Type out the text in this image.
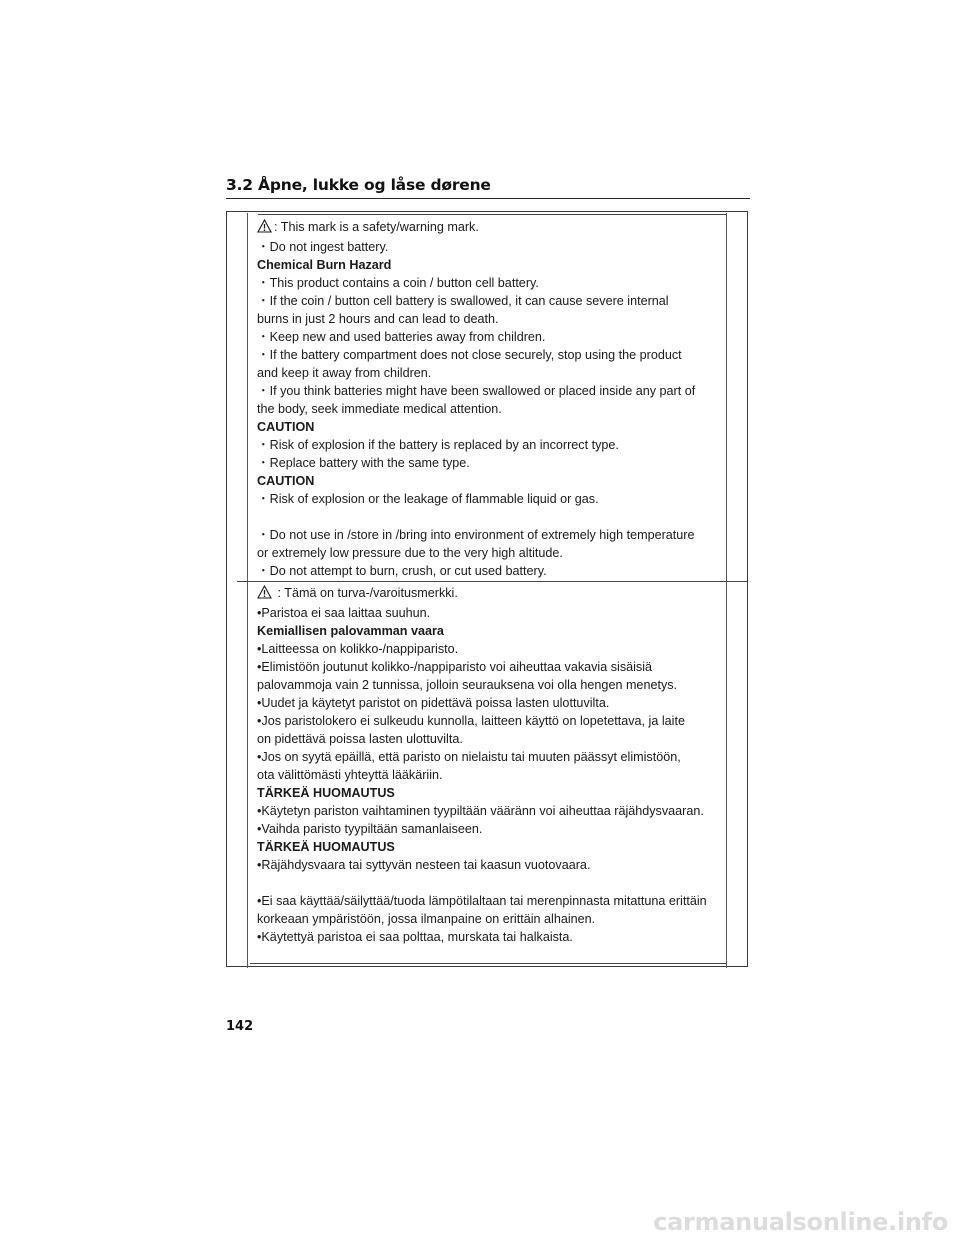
3.2 Åpne, lukke og låse dørene
: This mark is a safety/warning mark.
・Do not ingest battery.
Chemical Burn Hazard
・This product contains a coin / button cell battery.
・If the coin / button cell battery is swallowed, it can cause severe internal
burns in just 2 hours and can lead to death.
・Keep new and used batteries away from children.
・If the battery compartment does not close securely, stop using the product
and keep it away from children.
・If you think batteries might have been swallowed or placed inside any part of
the body, seek immediate medical attention.
CAUTION
・Risk of explosion if the battery is replaced by an incorrect type.
・Replace battery with the same type.
CAUTION
・Risk of explosion or the leakage of flammable liquid or gas.
・Do not use in /store in /bring into environment of extremely high temperature
or extremely low pressure due to the very high altitude.
・Do not attempt to burn, crush, or cut used battery.
: Tämä on turva-/varoitusmerkki.
•Paristoa ei saa laittaa suuhun.
Kemiallisen palovamman vaara
•Laitteessa on kolikko-/nappiparisto.
•Elimistöön joutunut kolikko-/nappiparisto voi aiheuttaa vakavia sisäisiä
palovammoja vain 2 tunnissa, jolloin seurauksena voi olla hengen menetys.
•Uudet ja käytetyt paristot on pidettävä poissa lasten ulottuvilta.
•Jos paristolokero ei sulkeudu kunnolla, laitteen käyttö on lopetettava, ja laite
on pidettävä poissa lasten ulottuvilta.
•Jos on syytä epäillä, että paristo on nielaistu tai muuten päässyt elimistöön,
ota välittömästi yhteyttä lääkäriin.
TÄRKEÄ HUOMAUTUS
•Käytetyn pariston vaihtaminen tyypiltään vääränn voi aiheuttaa räjähdysvaaran.
•Vaihda paristo tyypiltään samanlaiseen.
TÄRKEÄ HUOMAUTUS
•Räjähdysvaara tai syttyvän nesteen tai kaasun vuotovaara.
•Ei saa käyttää/säilyttää/tuoda lämpötilaltaan tai merenpinnasta mitattuna erittäin
korkeaan ympäristöön, jossa ilmanpaine on erittäin alhainen.
•Käytettyä paristoa ei saa polttaa, murskata tai halkaista.
142
carmanualsonline.info
